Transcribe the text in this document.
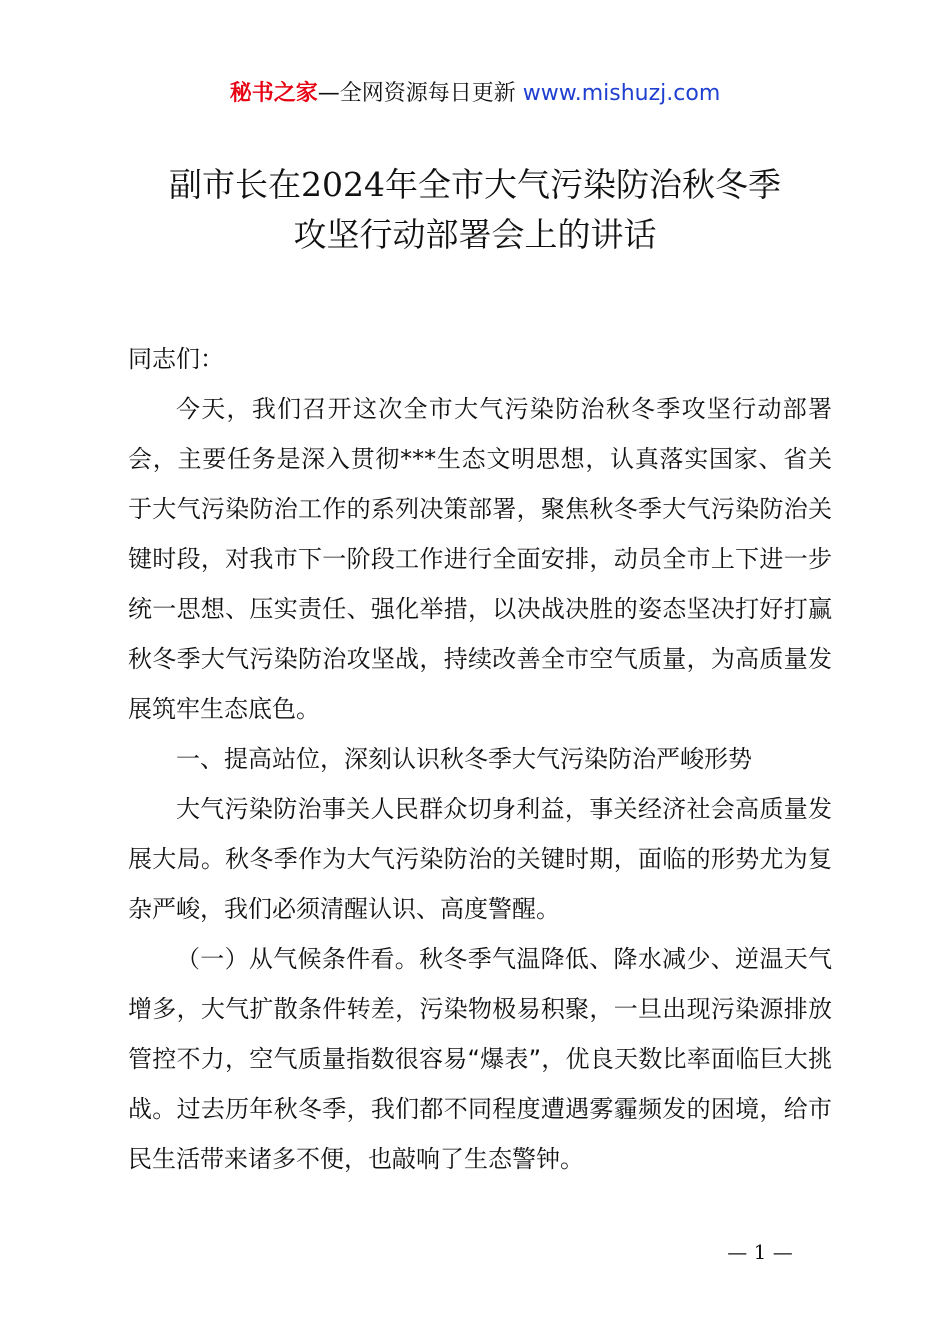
秘书之家—全网资源每日更新 www.mishuzj.com
副市长在2024年全市大气污染防治秋冬季
攻坚行动部署会上的讲话

同志们：

今天，我们召开这次全市大气污染防治秋冬季攻坚行动部署会，主要任务是深入贯彻***生态文明思想，认真落实国家、省关于大气污染防治工作的系列决策部署，聚焦秋冬季大气污染防治关键时段，对我市下一阶段工作进行全面安排，动员全市上下进一步统一思想、压实责任、强化举措，以决战决胜的姿态坚决打好打赢秋冬季大气污染防治攻坚战，持续改善全市空气质量，为高质量发展筑牢生态底色。

一、提高站位，深刻认识秋冬季大气污染防治严峻形势

大气污染防治事关人民群众切身利益，事关经济社会高质量发展大局。秋冬季作为大气污染防治的关键时期，面临的形势尤为复杂严峻，我们必须清醒认识、高度警醒。

（一）从气候条件看。秋冬季气温降低、降水减少、逆温天气增多，大气扩散条件转差，污染物极易积聚，一旦出现污染源排放管控不力，空气质量指数很容易“爆表”，优良天数比率面临巨大挑战。过去历年秋冬季，我们都不同程度遭遇雾霾频发的困境，给市民生活带来诸多不便，也敲响了生态警钟。

— 1 —
